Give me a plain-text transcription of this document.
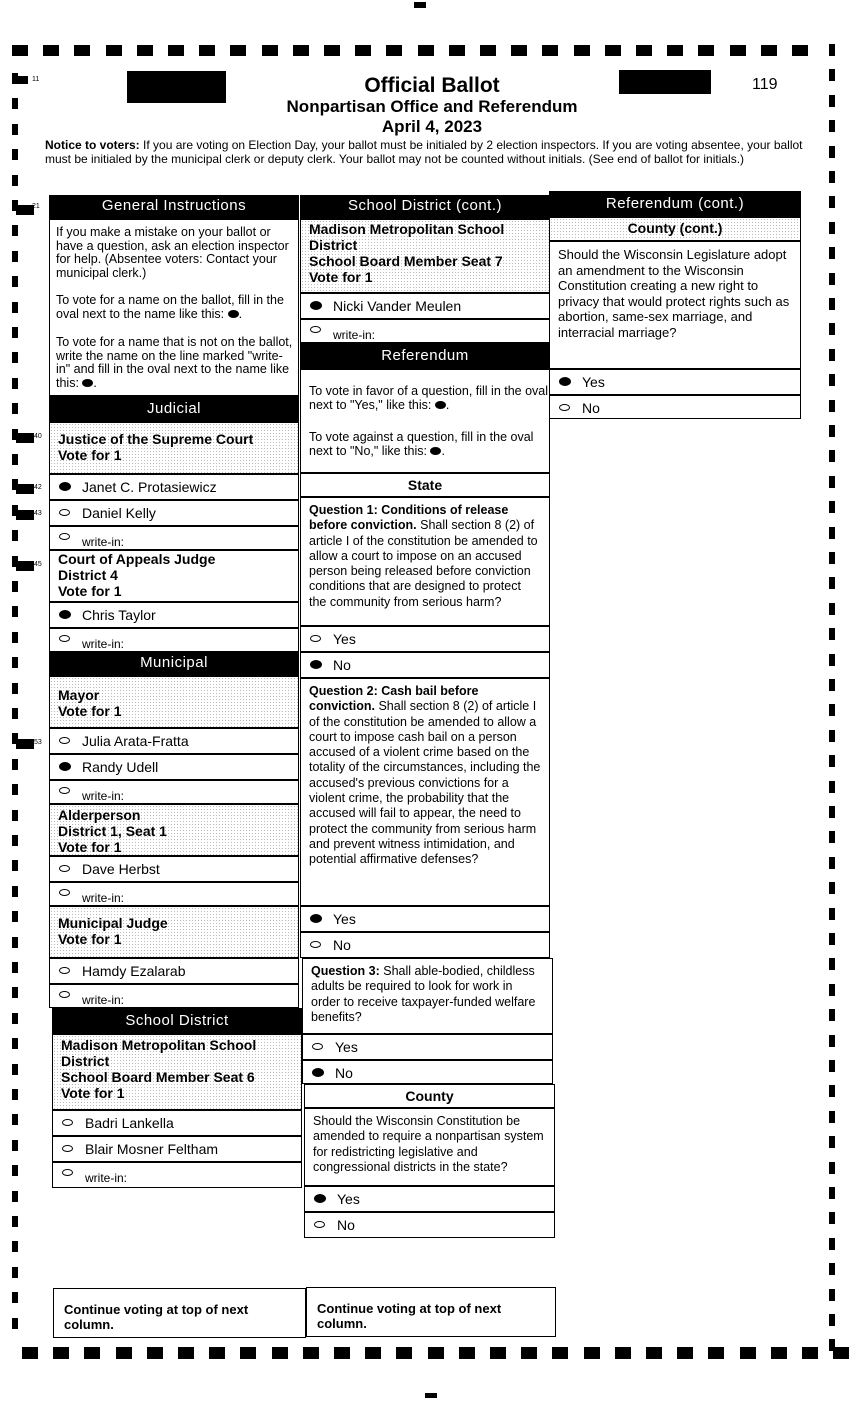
Official Ballot
Nonpartisan Office and Referendum
April 4, 2023
119
11
21
40
42
43
45
53
Notice to voters: If you are voting on Election Day, your ballot must be initialed by 2 election inspectors. If you are voting absentee, your ballot must be initialed by the municipal clerk or deputy clerk. Your ballot may not be counted without initials. (See end of ballot for initials.)
General Instructions
If you make a mistake on your ballot or have a question, ask an election inspector for help. (Absentee voters: Contact your municipal clerk.)
To vote for a name on the ballot, fill in the oval next to the name like this: .
To vote for a name that is not on the ballot, write the name on the line marked "write-in" and fill in the oval next to the name like this: .
Judicial
Justice of the Supreme Court
Vote for 1
Janet C. Protasiewicz
Daniel Kelly
write-in:
Court of Appeals Judge
District 4
Vote for 1
Chris Taylor
write-in:
Municipal
Mayor
Vote for 1
Julia Arata-Fratta
Randy Udell
write-in:
Alderperson
District 1, Seat 1
Vote for 1
Dave Herbst
write-in:
Municipal Judge
Vote for 1
Hamdy Ezalarab
write-in:
School District
Madison Metropolitan School
District
School Board Member Seat 6
Vote for 1
Badri Lankella
Blair Mosner Feltham
write-in:
Continue voting at top of next column.
School District (cont.)
Madison Metropolitan School
District
School Board Member Seat 7
Vote for 1
Nicki Vander Meulen
write-in:
Referendum
To vote in favor of a question, fill in the oval next to "Yes," like this: .
To vote against a question, fill in the oval next to "No," like this: .
State
Question 1: Conditions of release before conviction. Shall section 8 (2) of article I of the constitution be amended to allow a court to impose on an accused person being released before conviction conditions that are designed to protect the community from serious harm?
Yes
No
Question 2: Cash bail before conviction. Shall section 8 (2) of article I of the constitution be amended to allow a court to impose cash bail on a person accused of a violent crime based on the totality of the circumstances, including the accused's previous convictions for a violent crime, the probability that the accused will fail to appear, the need to protect the community from serious harm and prevent witness intimidation, and potential affirmative defenses?
Yes
No
Question 3: Shall able-bodied, childless adults be required to look for work in order to receive taxpayer-funded welfare benefits?
Yes
No
County
Should the Wisconsin Constitution be amended to require a nonpartisan system for redistricting legislative and congressional districts in the state?
Yes
No
Continue voting at top of next column.
Referendum (cont.)
County (cont.)
Should the Wisconsin Legislature adopt an amendment to the Wisconsin Constitution creating a new right to privacy that would protect rights such as abortion, same-sex marriage, and interracial marriage?
Yes
No
